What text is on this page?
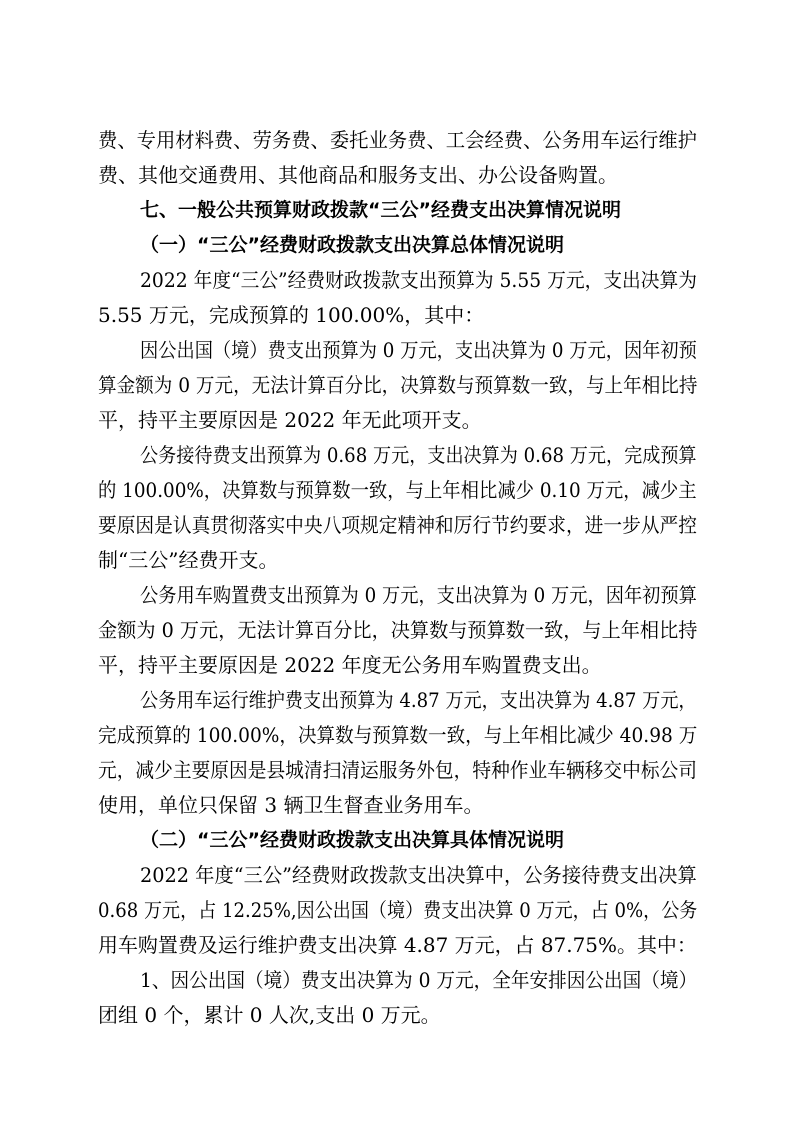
费、专用材料费、劳务费、委托业务费、工会经费、公务用车运行维护
费、其他交通费用、其他商品和服务支出、办公设备购置。
七、一般公共预算财政拨款“三公”经费支出决算情况说明
（一）“三公”经费财政拨款支出决算总体情况说明
2022 年度“三公”经费财政拨款支出预算为 5.55 万元，支出决算为
5.55 万元，完成预算的 100.00%，其中：
因公出国（境）费支出预算为 0 万元，支出决算为 0 万元，因年初预
算金额为 0 万元，无法计算百分比，决算数与预算数一致，与上年相比持
平，持平主要原因是 2022 年无此项开支。
公务接待费支出预算为 0.68 万元，支出决算为 0.68 万元，完成预算
的 100.00%，决算数与预算数一致，与上年相比减少 0.10 万元，减少主
要原因是认真贯彻落实中央八项规定精神和厉行节约要求，进一步从严控
制“三公”经费开支。
公务用车购置费支出预算为 0 万元，支出决算为 0 万元，因年初预算
金额为 0 万元，无法计算百分比，决算数与预算数一致，与上年相比持
平，持平主要原因是 2022 年度无公务用车购置费支出。
公务用车运行维护费支出预算为 4.87 万元，支出决算为 4.87 万元，
完成预算的 100.00%，决算数与预算数一致，与上年相比减少 40.98 万
元，减少主要原因是县城清扫清运服务外包，特种作业车辆移交中标公司
使用，单位只保留 3 辆卫生督查业务用车。
（二）“三公”经费财政拨款支出决算具体情况说明
2022 年度“三公”经费财政拨款支出决算中，公务接待费支出决算
0.68 万元，占 12.25%,因公出国（境）费支出决算 0 万元，占 0%，公务
用车购置费及运行维护费支出决算 4.87 万元，占 87.75%。其中：
1、因公出国（境）费支出决算为 0 万元，全年安排因公出国（境）
团组 0 个，累计 0 人次,支出 0 万元。
